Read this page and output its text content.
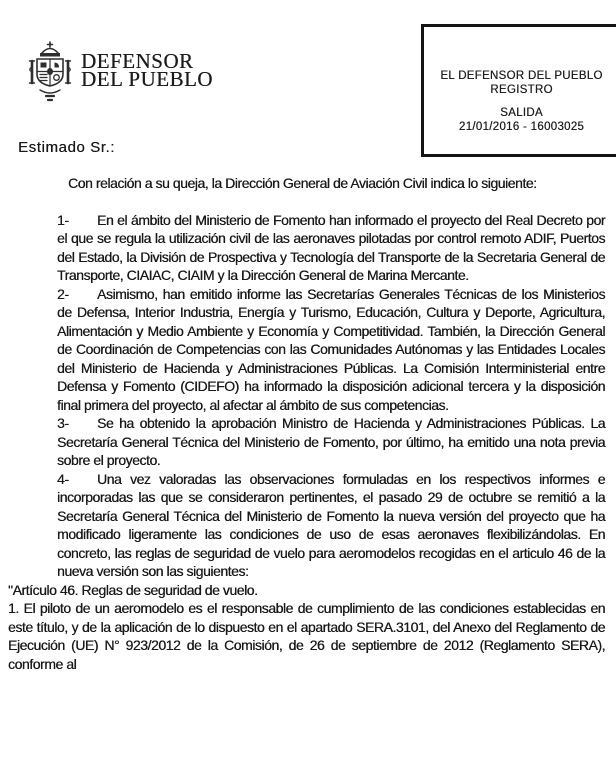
DEFENSOR
DEL PUEBLO	EL DEFENSOR DEL PUEBLO
REGISTRO
SALIDA
21/01/2016 - 16003025
Estimado Sr.:

Con relación a su queja, la Dirección General de Aviación Civil indica lo siguiente:

1- En el ámbito del Ministerio de Fomento han informado el proyecto del Real Decreto por el que se regula la utilización civil de las aeronaves pilotadas por control remoto ADIF, Puertos del Estado, la División de Prospectiva y Tecnología del Transporte de la Secretaria General de Transporte, CIAIAC, CIAIM y la Dirección General de Marina Mercante.

2- Asimismo, han emitido informe las Secretarías Generales Técnicas de los Ministerios de Defensa, Interior Industria, Energía y Turismo, Educación, Cultura y Deporte, Agricultura, Alimentación y Medio Ambiente y Economía y Competitividad. También, la Dirección General de Coordinación de Competencias con las Comunidades Autónomas y las Entidades Locales del Ministerio de Hacienda y Administraciones Públicas. La Comisión Interministerial entre Defensa y Fomento (CIDEFO) ha informado la disposición adicional tercera y la disposición final primera del proyecto, al afectar al ámbito de sus competencias.

3- Se ha obtenido la aprobación Ministro de Hacienda y Administraciones Públicas. La Secretaría General Técnica del Ministerio de Fomento, por último, ha emitido una nota previa sobre el proyecto.

4- Una vez valoradas las observaciones formuladas en los respectivos informes e incorporadas las que se consideraron pertinentes, el pasado 29 de octubre se remitió a la Secretaría General Técnica del Ministerio de Fomento la nueva versión del proyecto que ha modificado ligeramente las condiciones de uso de esas aeronaves flexibilizándolas. En concreto, las reglas de seguridad de vuelo para aeromodelos recogidas en el articulo 46 de la nueva versión son las siguientes:

"Artículo 46. Reglas de seguridad de vuelo.

1. El piloto de un aeromodelo es el responsable de cumplimiento de las condiciones establecidas en este título, y de la aplicación de lo dispuesto en el apartado SERA.3101, del Anexo del Reglamento de Ejecución (UE) N° 923/2012 de la Comisión, de 26 de septiembre de 2012 (Reglamento SERA), conforme al
